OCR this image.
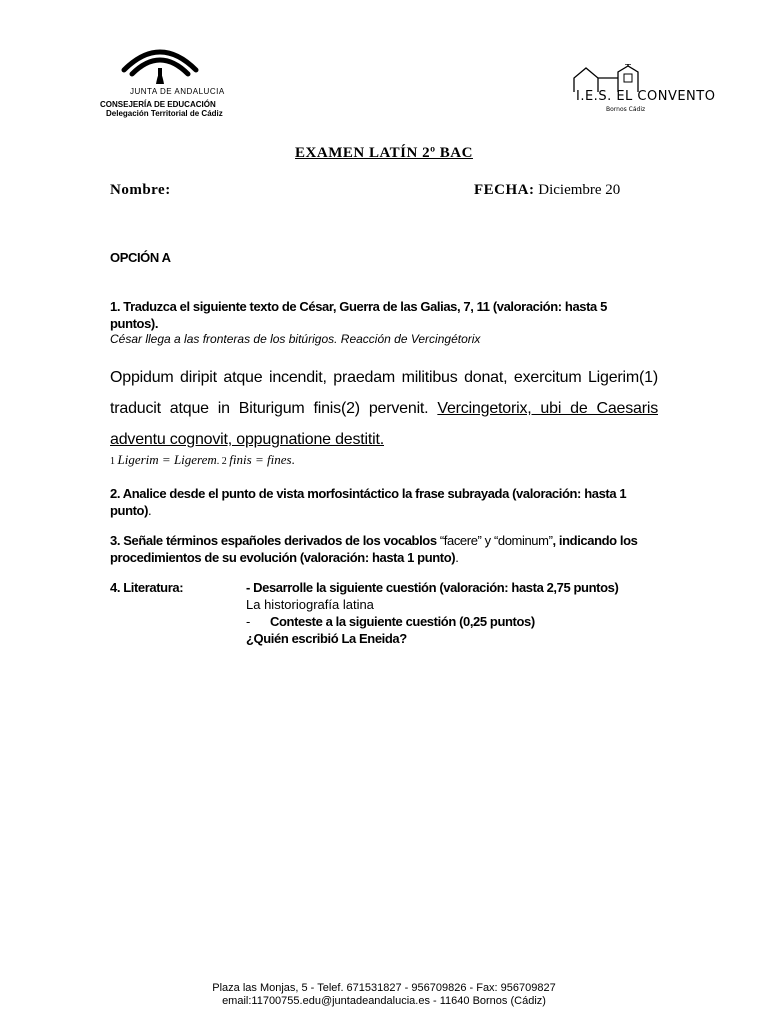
JUNTA DE ANDALUCIA
CONSEJERÍA DE EDUCACIÓN
Delegación Territorial de Cádiz
I.E.S. EL CONVENTO
Bornos Cádiz
EXAMEN LATÍN 2º BAC
Nombre:	FECHA: Diciembre 20
OPCIÓN A
1. Traduzca el siguiente texto de César, Guerra de las Galias, 7, 11 (valoración: hasta 5 puntos).
César llega a las fronteras de los bitúrigos. Reacción de Vercingétorix
Oppidum diripit atque incendit, praedam militibus donat, exercitum Ligerim(1) traducit atque in Biturigum finis(2) pervenit. Vercingetorix, ubi de Caesaris adventu cognovit, oppugnatione destitit.
1 Ligerim = Ligerem. 2 finis = fines.
2. Analice desde el punto de vista morfosintáctico la frase subrayada (valoración: hasta 1 punto).
3. Señale términos españoles derivados de los vocablos “facere” y “dominum”, indicando los procedimientos de su evolución (valoración: hasta 1 punto).
4. Literatura:	- Desarrolle la siguiente cuestión (valoración: hasta 2,75 puntos)
La historiografía latina
- Conteste a la siguiente cuestión (0,25 puntos)
¿Quién escribió La Eneida?
Plaza las Monjas, 5 - Telef. 671531827 - 956709826 - Fax: 956709827
email:11700755.edu@juntadeandalucia.es - 11640 Bornos (Cádiz)
